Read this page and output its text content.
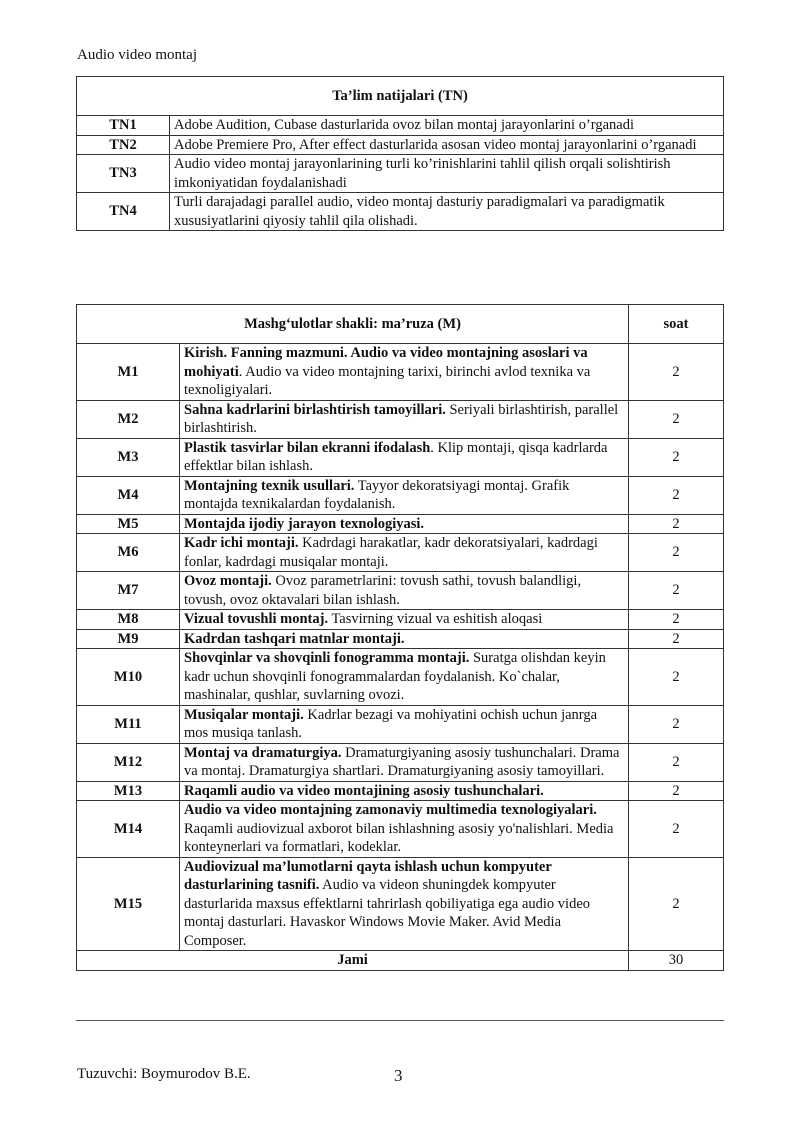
Audio video montaj
Ta’lim natijalari (TN)	
TN1	Adobe Audition, Cubase dasturlarida ovoz bilan montaj jarayonlarini o’rganadi
TN2	Adobe Premiere Pro, After effect dasturlarida asosan video montaj jarayonlarini o’rganadi
TN3	Audio video montaj jarayonlarining turli ko’rinishlarini tahlil qilish orqali solishtirish imkoniyatidan foydalanishadi
TN4	Turli darajadagi parallel audio, video montaj dasturiy paradigmalari va paradigmatik xususiyatlarini qiyosiy tahlil qila olishadi.
Mashg‘ulotlar shakli: ma’ruza (M)		soat
M1	Kirish. Fanning mazmuni. Audio va video montajning asoslari va mohiyati. Audio va video montajning tarixi, birinchi avlod texnika va texnoligiyalari.	2
M2	Sahna kadrlarini birlashtirish tamoyillari. Seriyali birlashtirish, parallel birlashtirish.	2
M3	Plastik tasvirlar bilan ekranni ifodalash. Klip montaji, qisqa kadrlarda effektlar bilan ishlash.	2
M4	Montajning texnik usullari. Tayyor dekoratsiyagi montaj. Grafik montajda texnikalardan foydalanish.	2
M5	Montajda ijodiy jarayon texnologiyasi.	2
M6	Kadr ichi montaji. Kadrdagi harakatlar, kadr dekoratsiyalari, kadrdagi fonlar, kadrdagi musiqalar montaji.	2
M7	Ovoz montaji. Ovoz parametrlarini: tovush sathi, tovush balandligi, tovush, ovoz oktavalari bilan ishlash.	2
M8	Vizual tovushli montaj. Tasvirning vizual va eshitish aloqasi	2
M9	Kadrdan tashqari matnlar montaji.	2
M10	Shovqinlar va shovqinli fonogramma montaji. Suratga olishdan keyin kadr uchun shovqinli fonogrammalardan foydalanish. Ko`chalar, mashinalar, qushlar, suvlarning ovozi.	2
M11	Musiqalar montaji. Kadrlar bezagi va mohiyatini ochish uchun janrga mos musiqa tanlash.	2
M12	Montaj va dramaturgiya. Dramaturgiyaning asosiy tushunchalari. Drama va montaj. Dramaturgiya shartlari. Dramaturgiyaning asosiy tamoyillari.	2
M13	Raqamli audio va video montajining asosiy tushunchalari.	2
M14	Audio va video montajning zamonaviy multimedia texnologiyalari. Raqamli audiovizual axborot bilan ishlashning asosiy yo'nalishlari. Media konteynerlari va formatlari, kodeklar.	2
M15	Audiovizual ma’lumotlarni qayta ishlash uchun kompyuter dasturlarining tasnifi. Audio va videon shuningdek kompyuter dasturlarida maxsus effektlarni tahrirlash qobiliyatiga ega audio video montaj dasturlari. Havaskor Windows Movie Maker. Avid Media Composer.	2
Jami		30
Tuzuvchi: Boymurodov B.E.	3
